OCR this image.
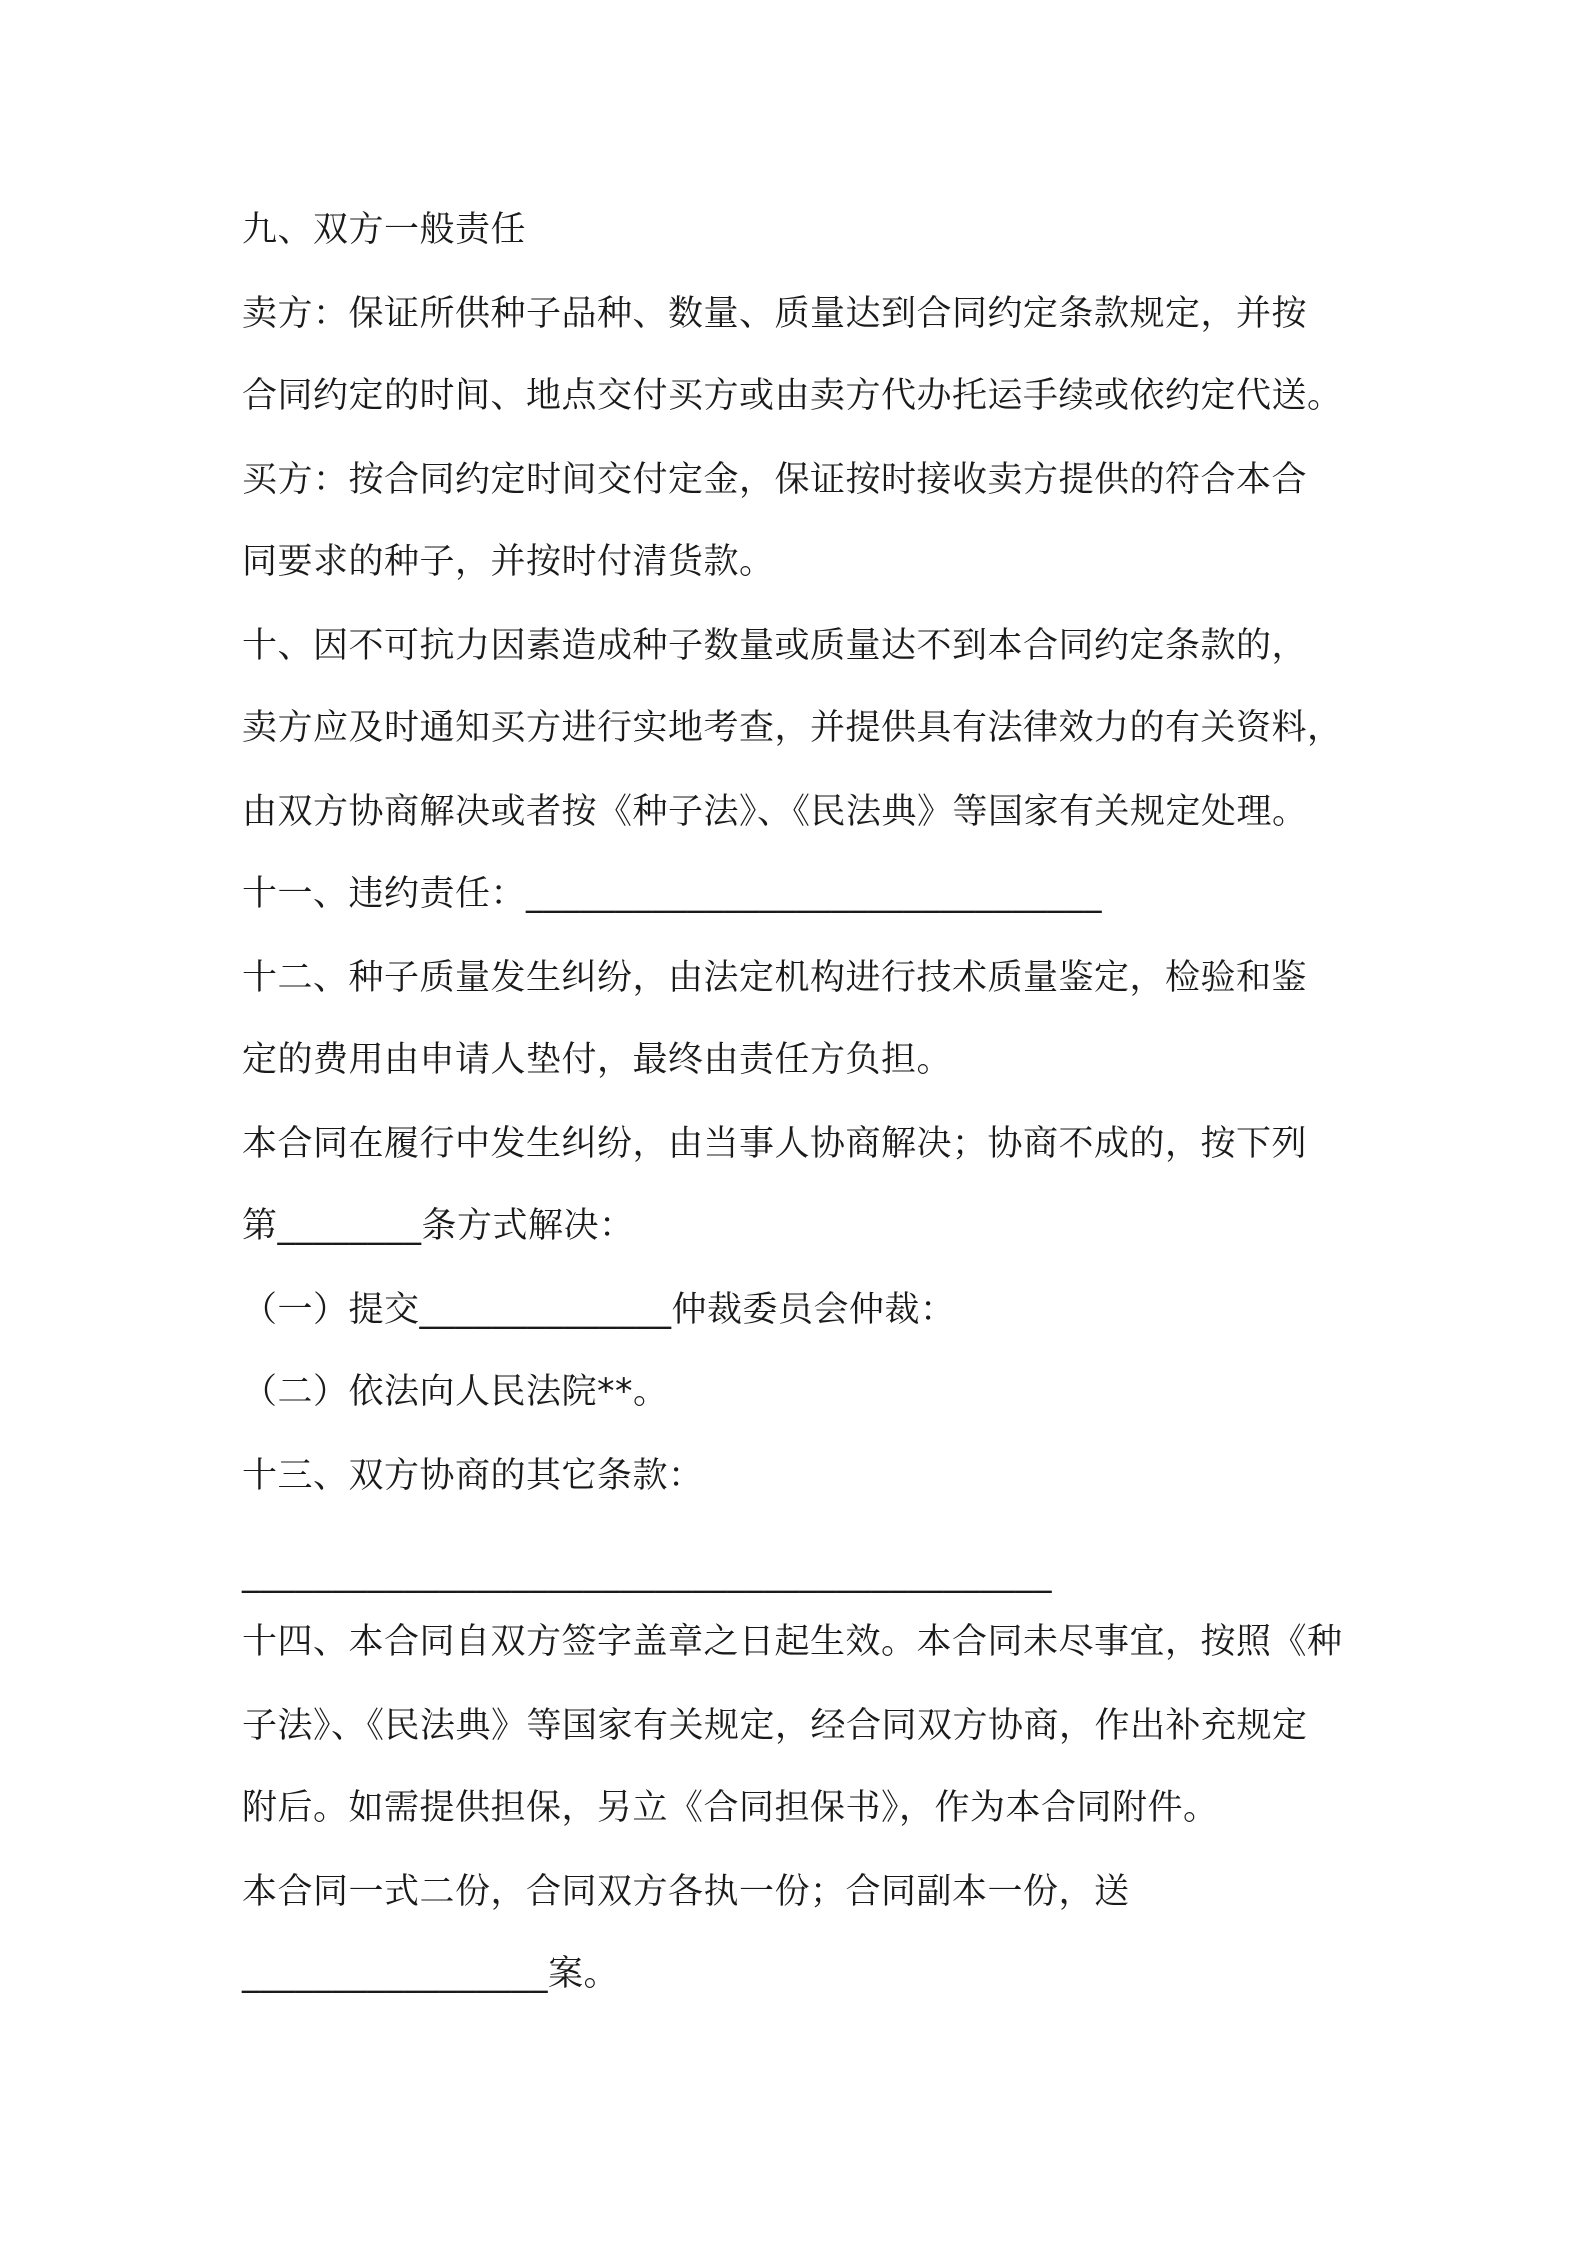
九、双方一般责任
卖方：保证所供种子品种、数量、质量达到合同约定条款规定，并按
合同约定的时间、地点交付买方或由卖方代办托运手续或依约定代送。
买方：按合同约定时间交付定金，保证按时接收卖方提供的符合本合
同要求的种子，并按时付清货款。
十、因不可抗力因素造成种子数量或质量达不到本合同约定条款的，
卖方应及时通知买方进行实地考查，并提供具有法律效力的有关资料，
由双方协商解决或者按《种子法》、《民法典》等国家有关规定处理。
十一、违约责任：________________________________
十二、种子质量发生纠纷，由法定机构进行技术质量鉴定，检验和鉴
定的费用由申请人垫付，最终由责任方负担。
本合同在履行中发生纠纷，由当事人协商解决；协商不成的，按下列
第________条方式解决：
（一）提交______________仲裁委员会仲裁：
（二）依法向人民法院**。
十三、双方协商的其它条款：
_____________________________________________
十四、本合同自双方签字盖章之日起生效。本合同未尽事宜，按照《种
子法》、《民法典》等国家有关规定，经合同双方协商，作出补充规定
附后。如需提供担保，另立《合同担保书》，作为本合同附件。
本合同一式二份，合同双方各执一份；合同副本一份，送
_________________案。
